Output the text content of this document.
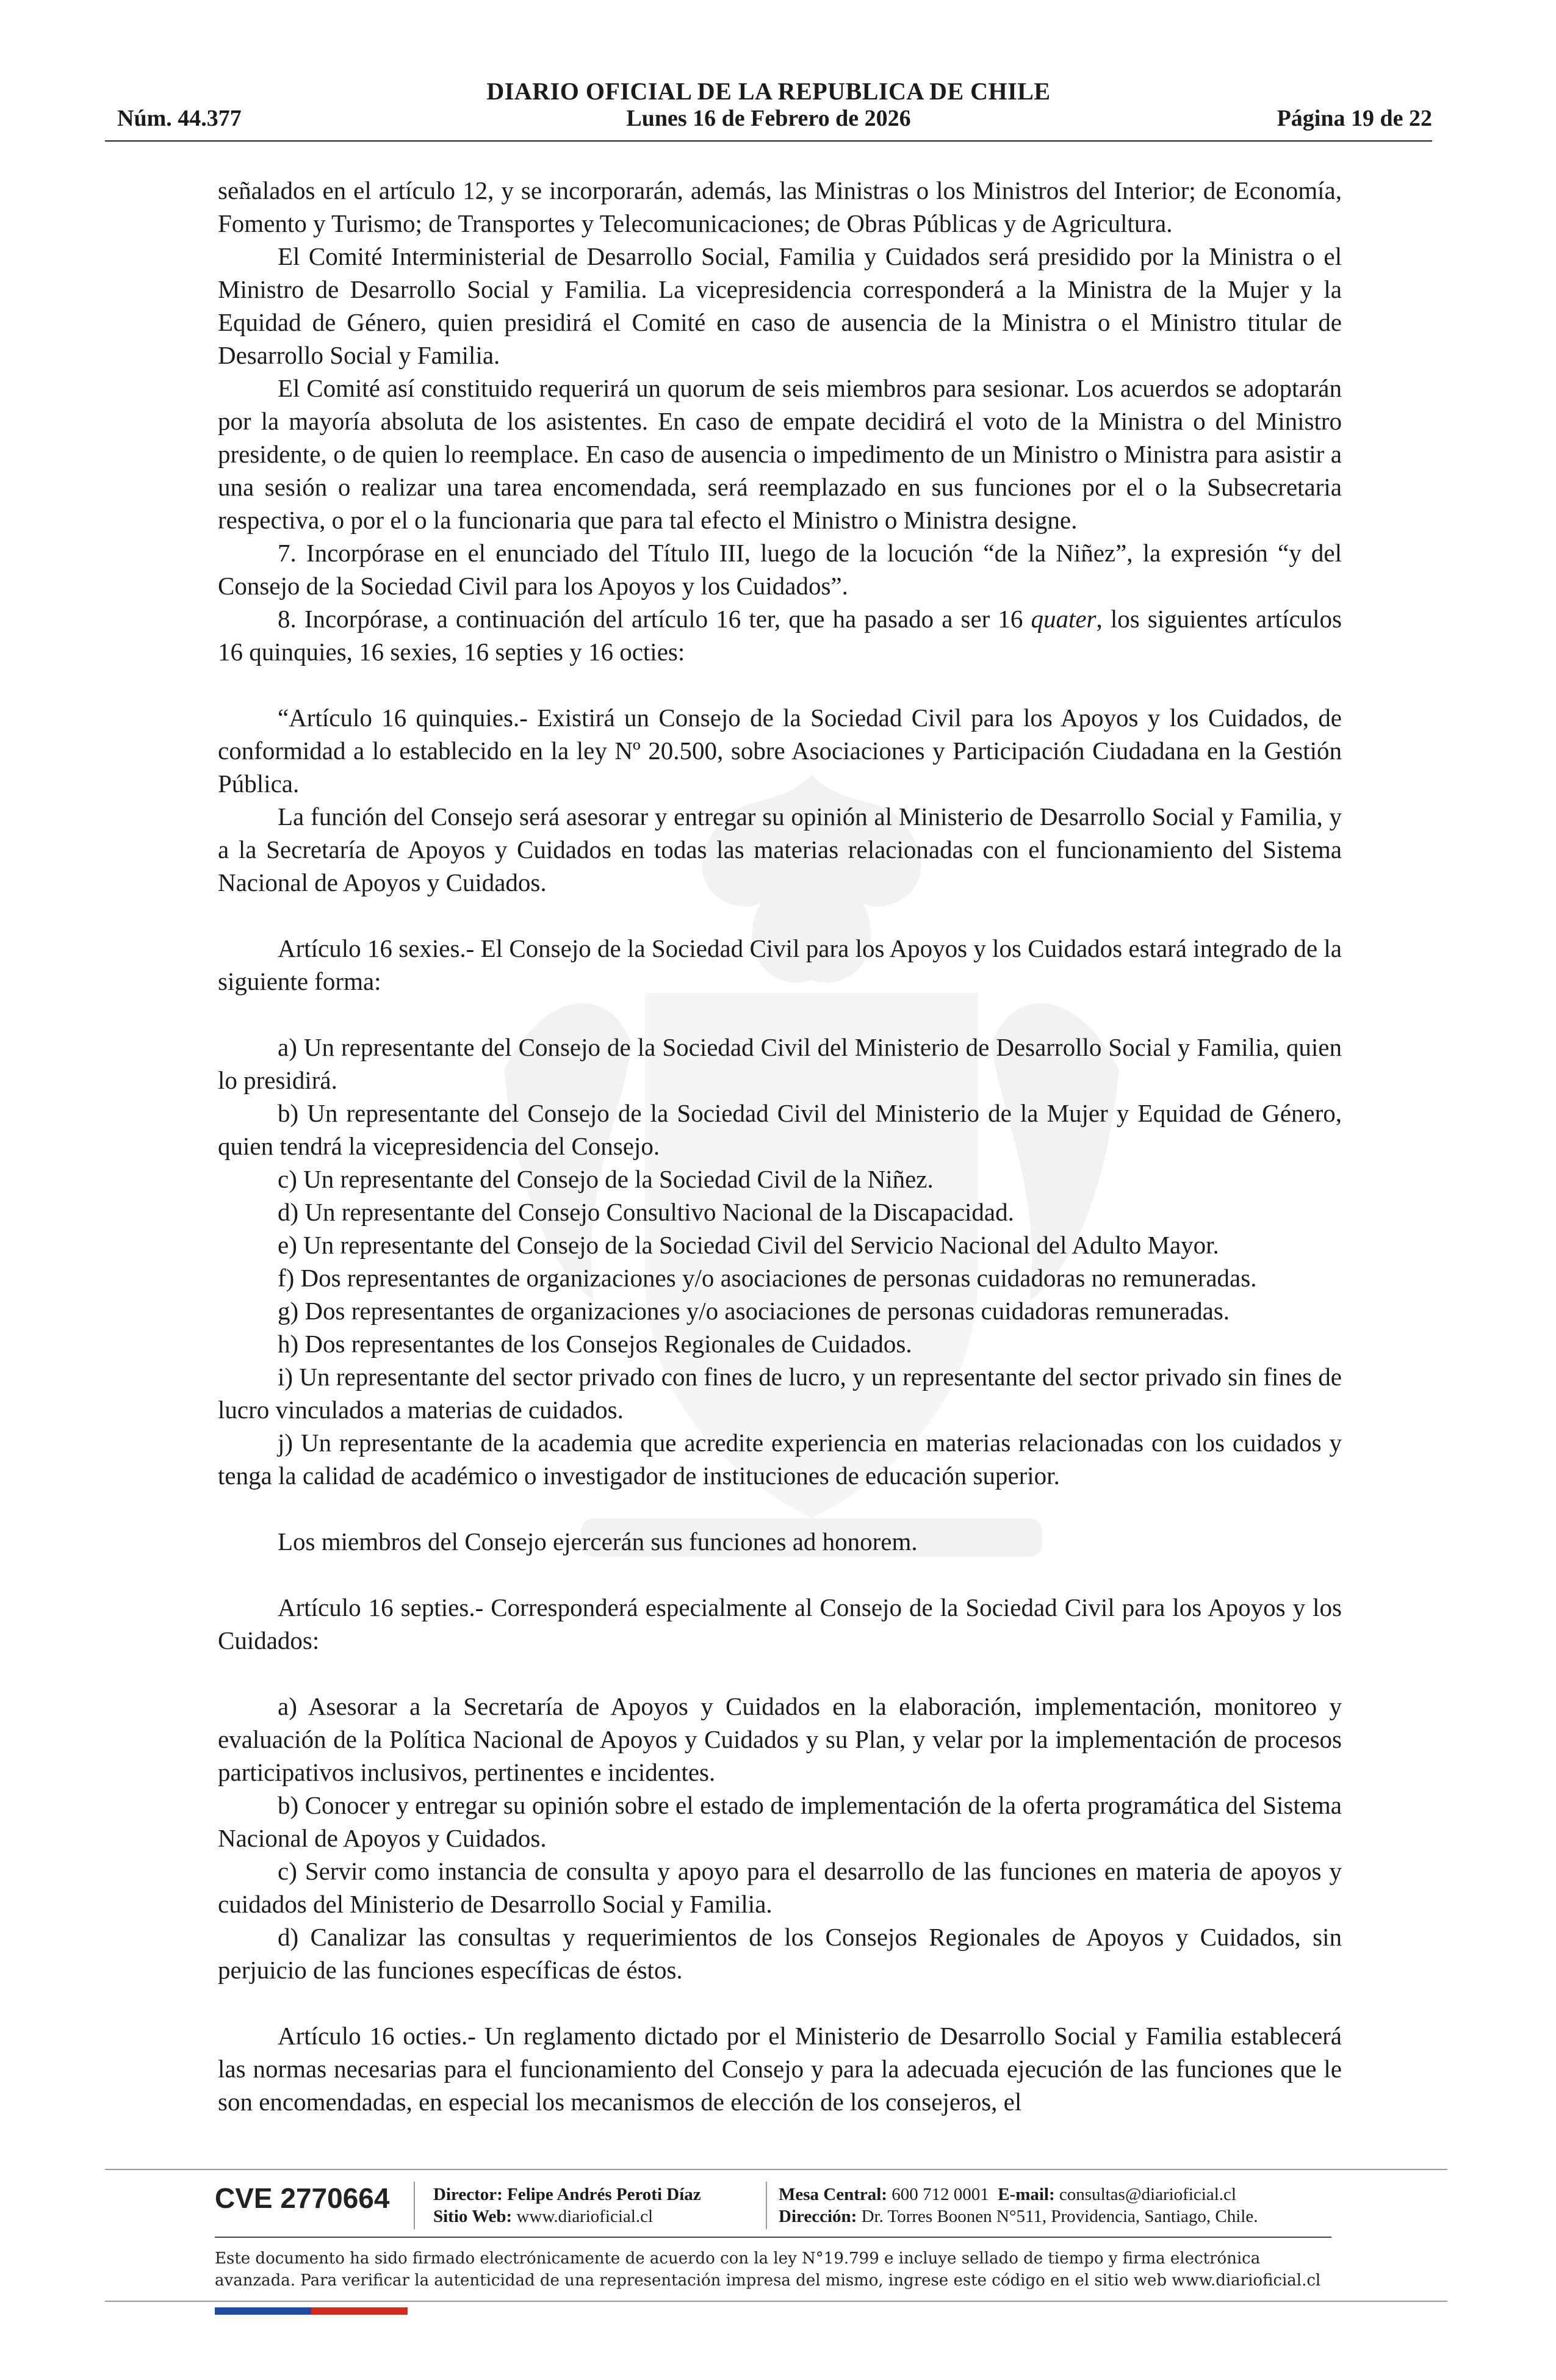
DIARIO OFICIAL DE LA REPUBLICA DE CHILE
Núm. 44.377	Lunes 16 de Febrero de 2026	Página 19 de 22

señalados en el artículo 12, y se incorporarán, además, las Ministras o los Ministros del Interior; de Economía, Fomento y Turismo; de Transportes y Telecomunicaciones; de Obras Públicas y de Agricultura.

El Comité Interministerial de Desarrollo Social, Familia y Cuidados será presidido por la Ministra o el Ministro de Desarrollo Social y Familia. La vicepresidencia corresponderá a la Ministra de la Mujer y la Equidad de Género, quien presidirá el Comité en caso de ausencia de la Ministra o el Ministro titular de Desarrollo Social y Familia.

El Comité así constituido requerirá un quorum de seis miembros para sesionar. Los acuerdos se adoptarán por la mayoría absoluta de los asistentes. En caso de empate decidirá el voto de la Ministra o del Ministro presidente, o de quien lo reemplace. En caso de ausencia o impedimento de un Ministro o Ministra para asistir a una sesión o realizar una tarea encomendada, será reemplazado en sus funciones por el o la Subsecretaria respectiva, o por el o la funcionaria que para tal efecto el Ministro o Ministra designe.

7. Incorpórase en el enunciado del Título III, luego de la locución “de la Niñez”, la expresión “y del Consejo de la Sociedad Civil para los Apoyos y los Cuidados”.

8. Incorpórase, a continuación del artículo 16 ter, que ha pasado a ser 16 quater, los siguientes artículos 16 quinquies, 16 sexies, 16 septies y 16 octies:

“Artículo 16 quinquies.- Existirá un Consejo de la Sociedad Civil para los Apoyos y los Cuidados, de conformidad a lo establecido en la ley Nº 20.500, sobre Asociaciones y Participación Ciudadana en la Gestión Pública.

La función del Consejo será asesorar y entregar su opinión al Ministerio de Desarrollo Social y Familia, y a la Secretaría de Apoyos y Cuidados en todas las materias relacionadas con el funcionamiento del Sistema Nacional de Apoyos y Cuidados.

Artículo 16 sexies.- El Consejo de la Sociedad Civil para los Apoyos y los Cuidados estará integrado de la siguiente forma:

a) Un representante del Consejo de la Sociedad Civil del Ministerio de Desarrollo Social y Familia, quien lo presidirá.

b) Un representante del Consejo de la Sociedad Civil del Ministerio de la Mujer y Equidad de Género, quien tendrá la vicepresidencia del Consejo.

c) Un representante del Consejo de la Sociedad Civil de la Niñez.

d) Un representante del Consejo Consultivo Nacional de la Discapacidad.

e) Un representante del Consejo de la Sociedad Civil del Servicio Nacional del Adulto Mayor.

f) Dos representantes de organizaciones y/o asociaciones de personas cuidadoras no remuneradas.

g) Dos representantes de organizaciones y/o asociaciones de personas cuidadoras remuneradas.

h) Dos representantes de los Consejos Regionales de Cuidados.

i) Un representante del sector privado con fines de lucro, y un representante del sector privado sin fines de lucro vinculados a materias de cuidados.

j) Un representante de la academia que acredite experiencia en materias relacionadas con los cuidados y tenga la calidad de académico o investigador de instituciones de educación superior.

Los miembros del Consejo ejercerán sus funciones ad honorem.

Artículo 16 septies.- Corresponderá especialmente al Consejo de la Sociedad Civil para los Apoyos y los Cuidados:

a) Asesorar a la Secretaría de Apoyos y Cuidados en la elaboración, implementación, monitoreo y evaluación de la Política Nacional de Apoyos y Cuidados y su Plan, y velar por la implementación de procesos participativos inclusivos, pertinentes e incidentes.

b) Conocer y entregar su opinión sobre el estado de implementación de la oferta programática del Sistema Nacional de Apoyos y Cuidados.

c) Servir como instancia de consulta y apoyo para el desarrollo de las funciones en materia de apoyos y cuidados del Ministerio de Desarrollo Social y Familia.

d) Canalizar las consultas y requerimientos de los Consejos Regionales de Apoyos y Cuidados, sin perjuicio de las funciones específicas de éstos.

Artículo 16 octies.- Un reglamento dictado por el Ministerio de Desarrollo Social y Familia establecerá las normas necesarias para el funcionamiento del Consejo y para la adecuada ejecución de las funciones que le son encomendadas, en especial los mecanismos de elección de los consejeros, el

CVE 2770664 Director: Felipe Andrés Peroti Díaz
Sitio Web: www.diarioficial.cl
Mesa Central: 600 712 0001 E-mail: consultas@diarioficial.cl
Dirección: Dr. Torres Boonen N°511, Providencia, Santiago, Chile.
Este documento ha sido firmado electrónicamente de acuerdo con la ley N°19.799 e incluye sellado de tiempo y firma electrónica
avanzada. Para verificar la autenticidad de una representación impresa del mismo, ingrese este código en el sitio web www.diarioficial.cl
